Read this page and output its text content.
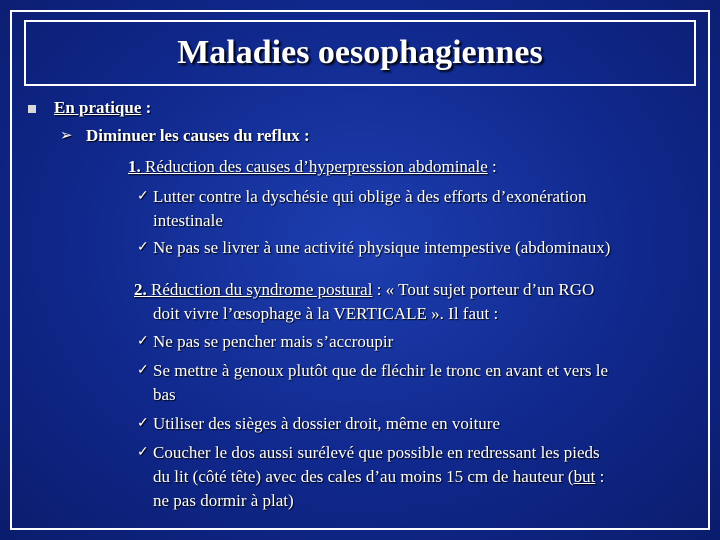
Maladies oesophagiennes
En pratique :
➢ Diminuer les causes du reflux :
1. Réduction des causes d’hyperpression abdominale :
✓ Lutter contre la dyschésie qui oblige à des efforts d’exonération
intestinale
✓ Ne pas se livrer à une activité physique intempestive (abdominaux)
2. Réduction du syndrome postural : « Tout sujet porteur d’un RGO
doit vivre l’œsophage à la VERTICALE ». Il faut :
✓ Ne pas se pencher mais s’accroupir
✓ Se mettre à genoux plutôt que de fléchir le tronc en avant et vers le
bas
✓ Utiliser des sièges à dossier droit, même en voiture
✓ Coucher le dos aussi surélevé que possible en redressant les pieds
du lit (côté tête) avec des cales d’au moins 15 cm de hauteur (but :
ne pas dormir à plat)
